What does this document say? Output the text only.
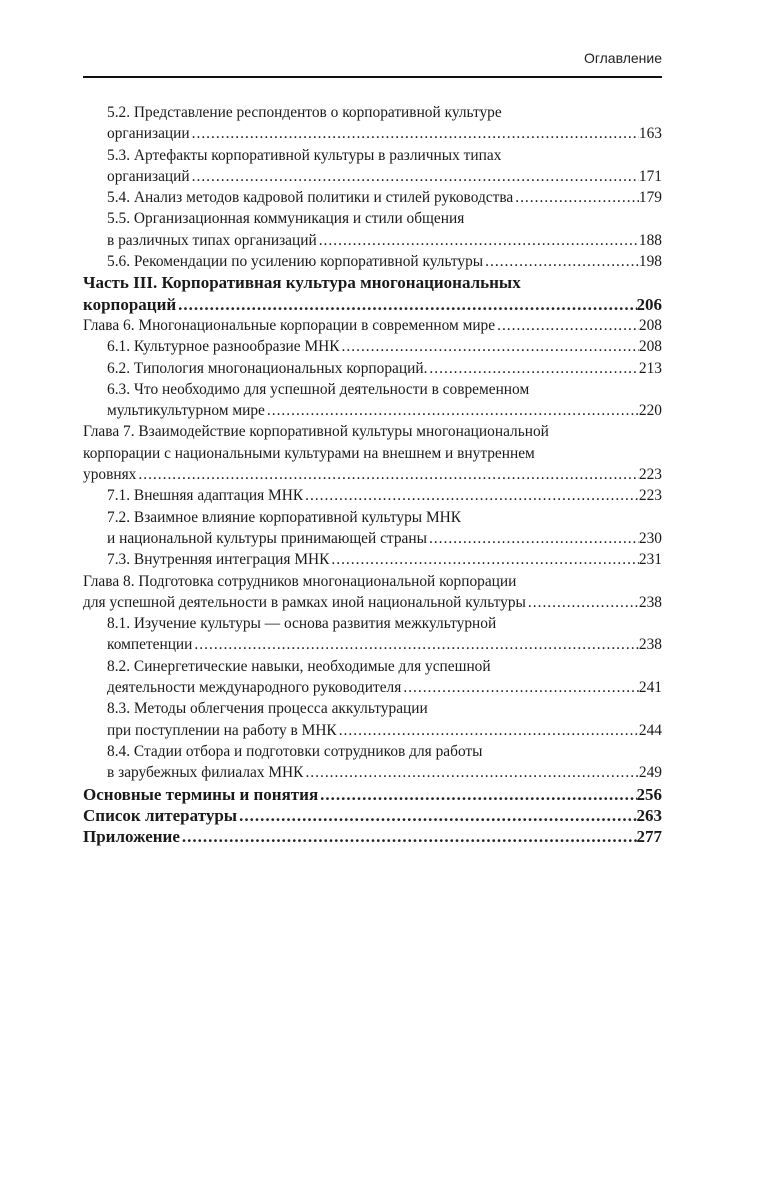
Оглавление
5.2. Представление респондентов о корпоративной культуре
организации .....	163
5.3. Артефакты корпоративной культуры в различных типах
организаций .....	171
5.4. Анализ методов кадровой политики и стилей руководства .....	179
5.5. Организационная коммуникация и стили общения
в различных типах организаций .....	188
5.6. Рекомендации по усилению корпоративной культуры .....	198
Часть III. Корпоративная культура многонациональных
корпораций .....	206
Глава 6. Многонациональные корпорации в современном мире .....	208
6.1. Культурное разнообразие МНК .....	208
6.2. Типология многонациональных корпораций. .....	213
6.3. Что необходимо для успешной деятельности в современном
мультикультурном мире .....	220
Глава 7. Взаимодействие корпоративной культуры многонациональной
корпорации с национальными культурами на внешнем и внутреннем
уровнях .....	223
7.1. Внешняя адаптация МНК .....	223
7.2. Взаимное влияние корпоративной культуры МНК
и национальной культуры принимающей страны .....	230
7.3. Внутренняя интеграция МНК .....	231
Глава 8. Подготовка сотрудников многонациональной корпорации
для успешной деятельности в рамках иной национальной культуры .....	238
8.1. Изучение культуры — основа развития межкультурной
компетенции .....	238
8.2. Синергетические навыки, необходимые для успешной
деятельности международного руководителя .....	241
8.3. Методы облегчения процесса аккультурации
при поступлении на работу в МНК .....	244
8.4. Стадии отбора и подготовки сотрудников для работы
в зарубежных филиалах МНК .....	249
Основные термины и понятия .....	256
Список литературы .....	263
Приложение .....	277
